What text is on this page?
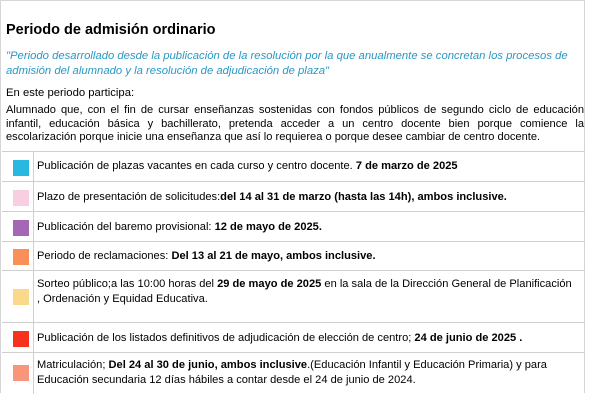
Periodo de admisión ordinario
"Periodo desarrollado desde la publicación de la resolución por la que anualmente se concretan los procesos de admisión del alumnado y la resolución de adjudicación de plaza"
En este periodo participa:
Alumnado que, con el fin de cursar enseñanzas sostenidas con fondos públicos de segundo ciclo de educación infantil, educación básica y bachillerato, pretenda acceder a un centro docente bien porque comience la escolarización porque inicie una enseñanza que así lo requierea o porque desee cambiar de centro docente.
Publicación de plazas vacantes en cada curso y centro docente. 7 de marzo de 2025
Plazo de presentación de solicitudes:del 14 al 31 de marzo (hasta las 14h), ambos inclusive.
Publicación del baremo provisional: 12 de mayo de 2025.
Periodo de reclamaciones: Del 13 al 21 de mayo, ambos inclusive.
Sorteo público;a las 10:00 horas del 29 de mayo de 2025 en la sala de la Dirección General de Planificación , Ordenación y Equidad Educativa.
Publicación de los listados definitivos de adjudicación de elección de centro; 24 de junio de 2025 .
Matriculación; Del 24 al 30 de junio, ambos inclusive.(Educación Infantil y Educación Primaria) y para Educación secundaria 12 días hábiles a contar desde el 24 de junio de 2024.
